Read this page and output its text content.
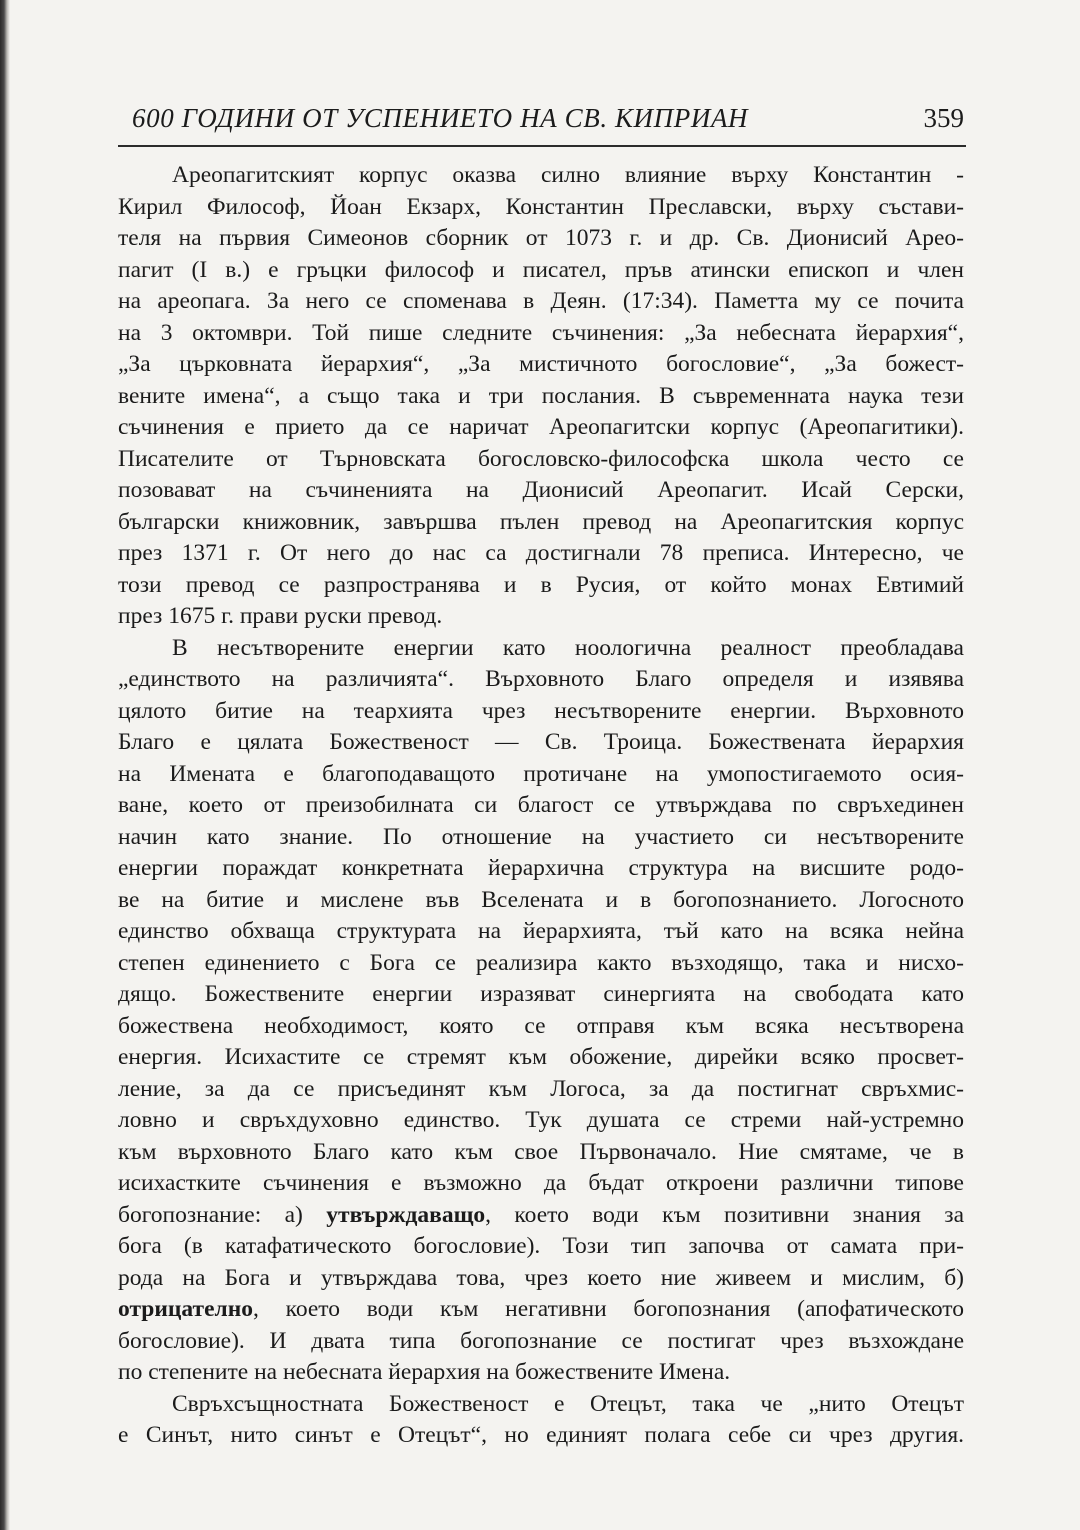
600 ГОДИНИ ОТ УСПЕНИЕТО НА СВ. КИПРИАН	359
Ареопагитският корпус оказва силно влияние върху Константин -
Кирил Философ, Йоан Екзарх, Константин Преславски, върху състави-
теля на първия Симеонов сборник от 1073 г. и др. Св. Дионисий Арео-
пагит (I в.) е гръцки философ и писател, пръв атински епископ и член
на ареопага. За него се споменава в Деян. (17:34). Паметта му се почита
на 3 октомври. Той пише следните съчинения: „За небесната йерархия“,
„За църковната йерархия“, „За мистичното богословие“, „За божест-
вените имена“, а също така и три послания. В съвременната наука тези
съчинения е прието да се наричат Ареопагитски корпус (Ареопагитики).
Писателите от Търновската богословско-философска школа често се
позовават на съчиненията на Дионисий Ареопагит. Исай Серски,
български книжовник, завършва пълен превод на Ареопагитския корпус
през 1371 г. От него до нас са достигнали 78 преписа. Интересно, че
този превод се разпространява и в Русия, от който монах Евтимий
през 1675 г. прави руски превод.
В несътворените енергии като ноологична реалност преобладава
„единството на различията“. Върховното Благо определя и изявява
цялото битие на теархията чрез несътворените енергии. Върховното
Благо е цялата Божественост — Св. Троица. Божествената йерархия
на Имената е благоподаващото протичане на умопостигаемото осия-
ване, което от преизобилната си благост се утвърждава по свръхединен
начин като знание. По отношение на участието си несътворените
енергии пораждат конкретната йерархична структура на висшите родо-
ве на битие и мислене във Вселената и в богопознанието. Логосното
единство обхваща структурата на йерархията, тъй като на всяка нейна
степен единението с Бога се реализира както възходящо, така и нисхо-
дящо. Божествените енергии изразяват синергията на свободата като
божествена необходимост, която се отправя към всяка несътворена
енергия. Исихастите се стремят към обожение, дирейки всяко просвет-
ление, за да се присъединят към Логоса, за да постигнат свръхмис-
ловно и свръхдуховно единство. Тук душата се стреми най-устремно
към върховното Благо като към свое Първоначало. Ние смятаме, че в
исихастките съчинения е възможно да бъдат откроени различни типове
богопознание: а) утвърждаващо, което води към позитивни знания за
бога (в катафатическото богословие). Този тип започва от самата при-
рода на Бога и утвърждава това, чрез което ние живеем и мислим, б)
отрицателно, което води към негативни богопознания (апофатическото
богословие). И двата типа богопознание се постигат чрез възхождане
по степените на небесната йерархия на божествените Имена.
Свръхсъщностната Божественост е Отецът, така че „нито Отецът
е Синът, нито синът е Отецът“, но единият полага себе си чрез другия.
